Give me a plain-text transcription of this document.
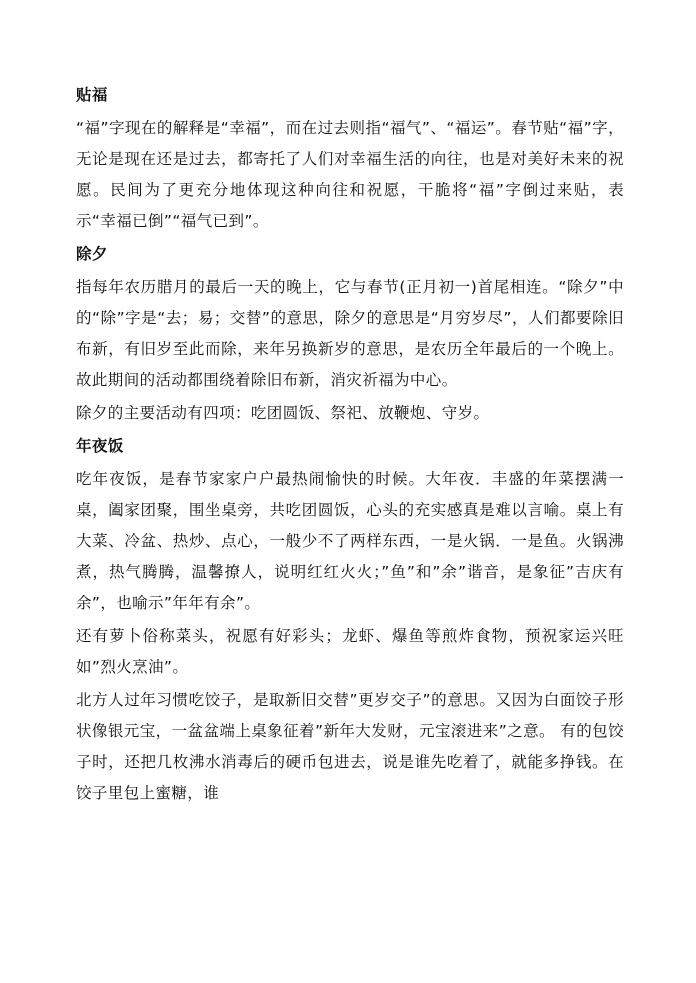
贴福

“福”字现在的解释是“幸福”，而在过去则指“福气”、“福运”。春节贴“福”字，无论是现在还是过去，都寄托了人们对幸福生活的向往，也是对美好未来的祝愿。民间为了更充分地体现这种向往和祝愿，干脆将“福”字倒过来贴，表示“幸福已倒”“福气已到”。

除夕

指每年农历腊月的最后一天的晚上，它与春节(正月初一)首尾相连。“除夕”中的“除”字是“去；易；交替”的意思，除夕的意思是“月穷岁尽”，人们都要除旧布新，有旧岁至此而除，来年另换新岁的意思，是农历全年最后的一个晚上。故此期间的活动都围绕着除旧布新，消灾祈福为中心。

除夕的主要活动有四项：吃团圆饭、祭祀、放鞭炮、守岁。

年夜饭

吃年夜饭，是春节家家户户最热闹愉快的时候。大年夜．丰盛的年菜摆满一桌，阖家团聚，围坐桌旁，共吃团圆饭，心头的充实感真是难以言喻。桌上有大菜、冷盆、热炒、点心，一般少不了两样东西，一是火锅．一是鱼。火锅沸煮，热气腾腾，温馨撩人，说明红红火火；”鱼”和”余”谐音，是象征”吉庆有余”，也喻示”年年有余”。

还有萝卜俗称菜头，祝愿有好彩头；龙虾、爆鱼等煎炸食物，预祝家运兴旺如”烈火烹油”。

北方人过年习惯吃饺子，是取新旧交替”更岁交子”的意思。又因为白面饺子形状像银元宝，一盆盆端上桌象征着”新年大发财，元宝滚进来”之意。 有的包饺子时，还把几枚沸水消毒后的硬币包进去，说是谁先吃着了，就能多挣钱。在饺子里包上蜜糖，谁
